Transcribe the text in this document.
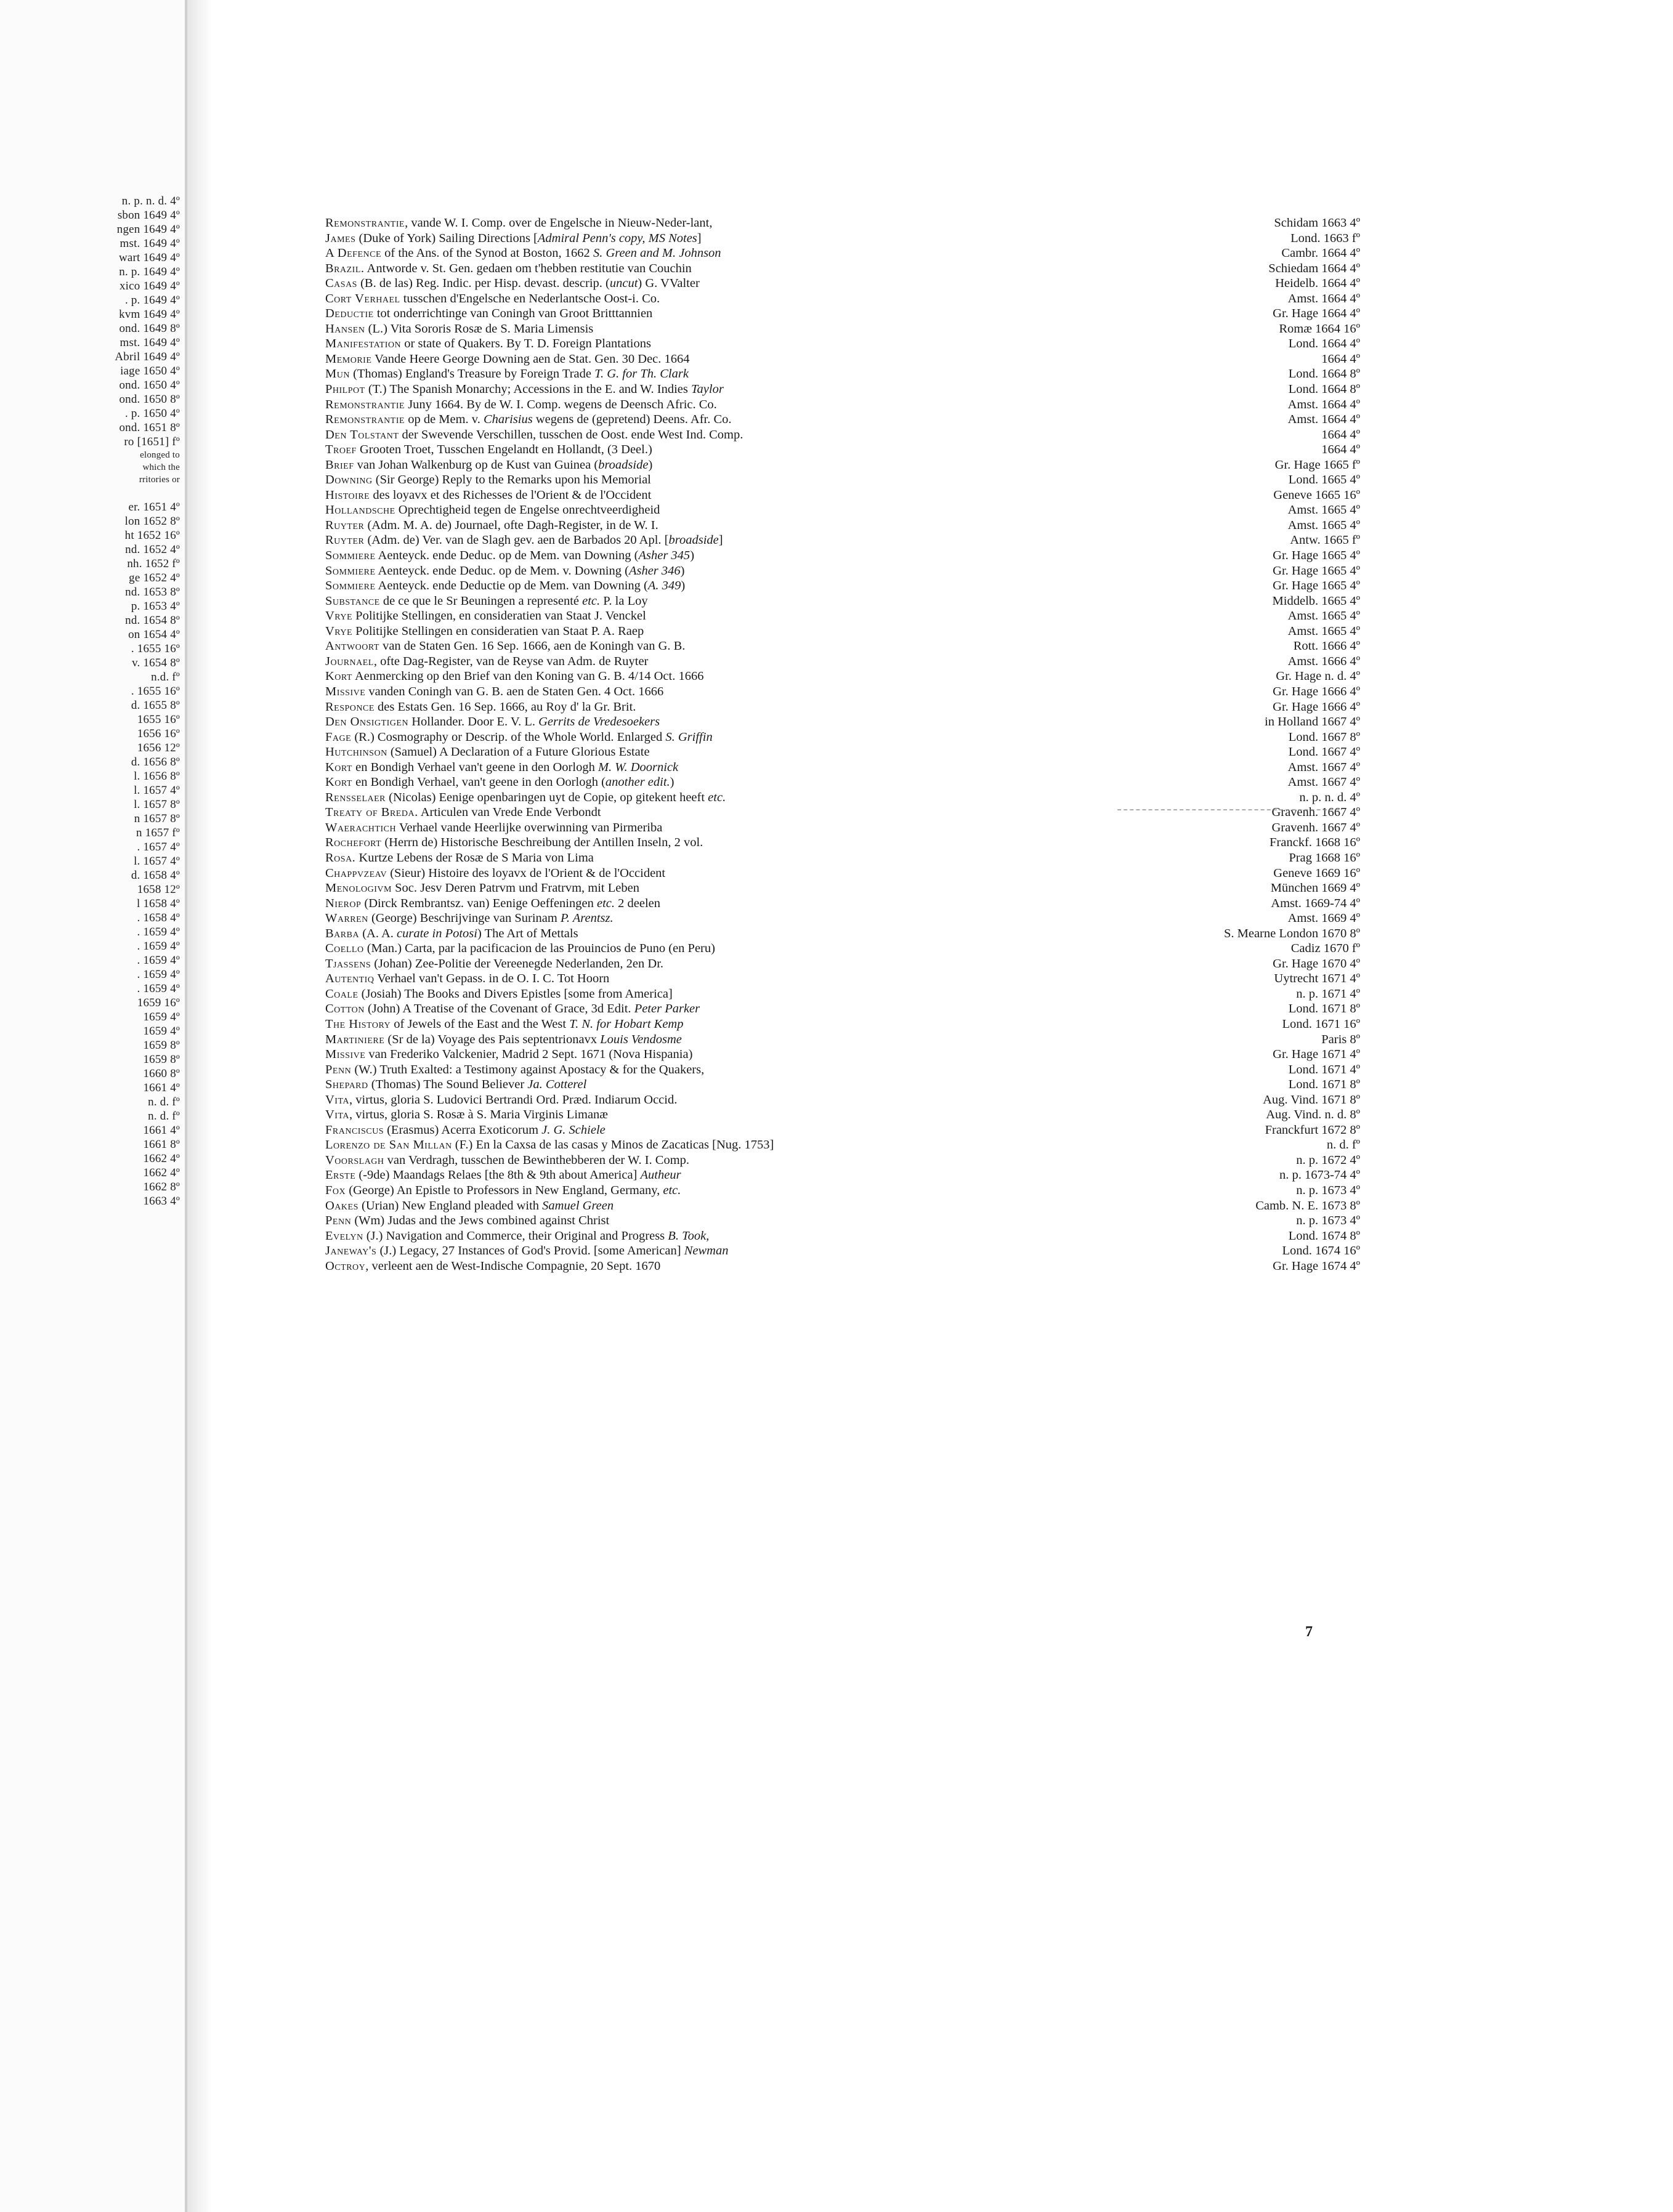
n. p. n. d. 4º
sbon 1649 4º
ngen 1649 4º
mst. 1649 4º
wart 1649 4º
n. p. 1649 4º
xico 1649 4º
. p. 1649 4º
kvm 1649 4º
ond. 1649 8º
mst. 1649 4º
Abril 1649 4º
iage 1650 4º
ond. 1650 4º
ond. 1650 8º
. p. 1650 4º
ond. 1651 8º
ro [1651] fº
elonged to
which the
rritories or
er. 1651 4º
lon 1652 8º
ht 1652 16º
nd. 1652 4º
nh. 1652 fº
ge 1652 4º
nd. 1653 8º
p. 1653 4º
nd. 1654 8º
on 1654 4º
. 1655 16º
v. 1654 8º
n.d. fº
. 1655 16º
d. 1655 8º
1655 16º
1656 16º
1656 12º
d. 1656 8º
l. 1656 8º
l. 1657 4º
l. 1657 8º
n 1657 8º
n 1657 fº
. 1657 4º
l. 1657 4º
d. 1658 4º
1658 12º
l 1658 4º
. 1658 4º
. 1659 4º
. 1659 4º
. 1659 4º
. 1659 4º
. 1659 4º
1659 16º
1659 4º
1659 4º
1659 8º
1659 8º
1660 8º
1661 4º
n. d. fº
n. d. fº
1661 4º
1661 8º
1662 4º
1662 4º
1662 8º
1663 4º
Remonstrantie, vande W. I. Comp. over de Engelsche in Nieuw-Neder-lant,	Schidam 1663 4º
James (Duke of York) Sailing Directions [Admiral Penn's copy, MS Notes]	Lond. 1663 fº
A Defence of the Ans. of the Synod at Boston, 1662 S. Green and M. Johnson	Cambr. 1664 4º
Brazil. Antworde v. St. Gen. gedaen om t'hebben restitutie van Couchin	Schiedam 1664 4º
Casas (B. de las) Reg. Indic. per Hisp. devast. descrip. (uncut) G. VValter	Heidelb. 1664 4º
Cort Verhael tusschen d'Engelsche en Nederlantsche Oost-i. Co.	Amst. 1664 4º
Deductie tot onderrichtinge van Coningh van Groot Britttannien	Gr. Hage 1664 4º
Hansen (L.) Vita Sororis Rosæ de S. Maria Limensis	Romæ 1664 16º
Manifestation or state of Quakers. By T. D. Foreign Plantations	Lond. 1664 4º
Memorie Vande Heere George Downing aen de Stat. Gen. 30 Dec. 1664	1664 4º
Mun (Thomas) England's Treasure by Foreign Trade T. G. for Th. Clark	Lond. 1664 8º
Philpot (T.) The Spanish Monarchy; Accessions in the E. and W. Indies Taylor	Lond. 1664 8º
Remonstrantie Juny 1664. By de W. I. Comp. wegens de Deensch Afric. Co.	Amst. 1664 4º
Remonstrantie op de Mem. v. Charisius wegens de (gepretend) Deens. Afr. Co.	Amst. 1664 4º
Den Tolstant der Swevende Verschillen, tusschen de Oost. ende West Ind. Comp.	1664 4º
Troef Grooten Troet, Tusschen Engelandt en Hollandt, (3 Deel.)	1664 4º
Brief van Johan Walkenburg op de Kust van Guinea (broadside)	Gr. Hage 1665 fº
Downing (Sir George) Reply to the Remarks upon his Memorial	Lond. 1665 4º
Histoire des loyavx et des Richesses de l'Orient & de l'Occident	Geneve 1665 16º
Hollandsche Oprechtigheid tegen de Engelse onrechtveerdigheid	Amst. 1665 4º
Ruyter (Adm. M. A. de) Journael, ofte Dagh-Register, in de W. I.	Amst. 1665 4º
Ruyter (Adm. de) Ver. van de Slagh gev. aen de Barbados 20 Apl. [broadside]	Antw. 1665 fº
Sommiere Aenteyck. ende Deduc. op de Mem. van Downing (Asher 345)	Gr. Hage 1665 4º
Sommiere Aenteyck. ende Deduc. op de Mem. v. Downing (Asher 346)	Gr. Hage 1665 4º
Sommiere Aenteyck. ende Deductie op de Mem. van Downing (A. 349)	Gr. Hage 1665 4º
Substance de ce que le Sr Beuningen a representé etc. P. la Loy	Middelb. 1665 4º
Vrye Politijke Stellingen, en consideratien van Staat J. Venckel	Amst. 1665 4º
Vrye Politijke Stellingen en consideratien van Staat P. A. Raep	Amst. 1665 4º
Antwoort van de Staten Gen. 16 Sep. 1666, aen de Koningh van G. B.	Rott. 1666 4º
Journael, ofte Dag-Register, van de Reyse van Adm. de Ruyter	Amst. 1666 4º
Kort Aenmercking op den Brief van den Koning van G. B. 4/14 Oct. 1666	Gr. Hage n. d. 4º
Missive vanden Coningh van G. B. aen de Staten Gen. 4 Oct. 1666	Gr. Hage 1666 4º
Responce des Estats Gen. 16 Sep. 1666, au Roy d' la Gr. Brit.	Gr. Hage 1666 4º
Den Onsigtigen Hollander. Door E. V. L. Gerrits de Vredesoekers	in Holland 1667 4º
Fage (R.) Cosmography or Descrip. of the Whole World. Enlarged S. Griffin	Lond. 1667 8º
Hutchinson (Samuel) A Declaration of a Future Glorious Estate	Lond. 1667 4º
Kort en Bondigh Verhael van't geene in den Oorlogh M. W. Doornick	Amst. 1667 4º
Kort en Bondigh Verhael, van't geene in den Oorlogh (another edit.)	Amst. 1667 4º
Rensselaer (Nicolas) Eenige openbaringen uyt de Copie, op gitekent heeft etc.	n. p. n. d. 4º
Treaty of Breda. Articulen van Vrede Ende Verbondt	Gravenh. 1667 4º
Waerachtich Verhael vande Heerlijke overwinning van Pirmeriba	Gravenh. 1667 4º
Rochefort (Herrn de) Historische Beschreibung der Antillen Inseln, 2 vol.	Franckf. 1668 16º
Rosa. Kurtze Lebens der Rosæ de S Maria von Lima	Prag 1668 16º
Chappvzeav (Sieur) Histoire des loyavx de l'Orient & de l'Occident	Geneve 1669 16º
Menologivm Soc. Jesv Deren Patrvm und Fratrvm, mit Leben	München 1669 4º
Nierop (Dirck Rembrantsz. van) Eenige Oeffeningen etc. 2 deelen	Amst. 1669-74 4º
Warren (George) Beschrijvinge van Surinam P. Arentsz.	Amst. 1669 4º
Barba (A. A. curate in Potosi) The Art of Mettals	S. Mearne London 1670 8º
Coello (Man.) Carta, par la pacificacion de las Prouincios de Puno (en Peru)	Cadiz 1670 fº
Tjassens (Johan) Zee-Politie der Vereenegde Nederlanden, 2en Dr.	Gr. Hage 1670 4º
Autentiq Verhael van't Gepass. in de O. I. C. Tot Hoorn	Uytrecht 1671 4º
Coale (Josiah) The Books and Divers Epistles [some from America]	n. p. 1671 4º
Cotton (John) A Treatise of the Covenant of Grace, 3d Edit. Peter Parker	Lond. 1671 8º
The History of Jewels of the East and the West T. N. for Hobart Kemp	Lond. 1671 16º
Martiniere (Sr de la) Voyage des Pais septentrionavx Louis Vendosme	Paris 8º
Missive van Frederiko Valckenier, Madrid 2 Sept. 1671 (Nova Hispania)	Gr. Hage 1671 4º
Penn (W.) Truth Exalted: a Testimony against Apostacy & for the Quakers,	Lond. 1671 4º
Shepard (Thomas) The Sound Believer Ja. Cotterel	Lond. 1671 8º
Vita, virtus, gloria S. Ludovici Bertrandi Ord. Præd. Indiarum Occid.	Aug. Vind. 1671 8º
Vita, virtus, gloria S. Rosæ à S. Maria Virginis Limanæ	Aug. Vind. n. d. 8º
Franciscus (Erasmus) Acerra Exoticorum J. G. Schiele	Franckfurt 1672 8º
Lorenzo de San Millan (F.) En la Caxsa de las casas y Minos de Zacaticas [Nug. 1753]	n. d. fº
Voorslagh van Verdragh, tusschen de Bewinthebberen der W. I. Comp.	n. p. 1672 4º
Erste (-9de) Maandags Relaes [the 8th & 9th about America] Autheur	n. p. 1673-74 4º
Fox (George) An Epistle to Professors in New England, Germany, etc.	n. p. 1673 4º
Oakes (Urian) New England pleaded with Samuel Green	Camb. N. E. 1673 8º
Penn (Wm) Judas and the Jews combined against Christ	n. p. 1673 4º
Evelyn (J.) Navigation and Commerce, their Original and Progress B. Took,	Lond. 1674 8º
Janeway's (J.) Legacy, 27 Instances of God's Provid. [some American] Newman	Lond. 1674 16º
Octroy, verleent aen de West-Indische Compagnie, 20 Sept. 1670	Gr. Hage 1674 4º
7
